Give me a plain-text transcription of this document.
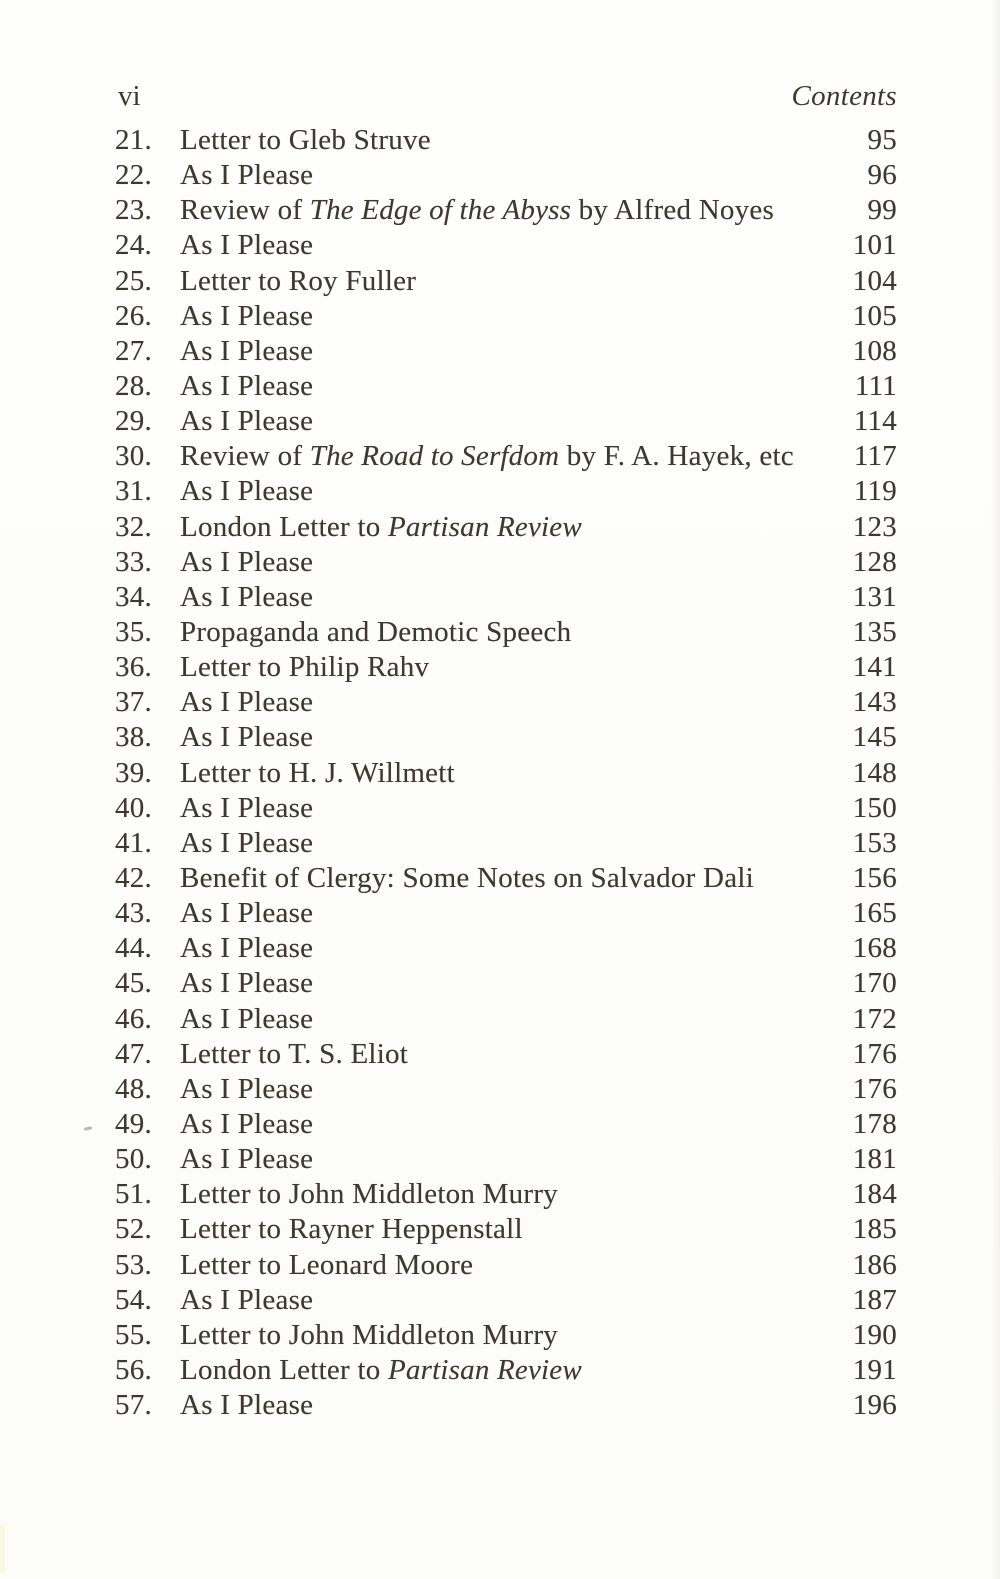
vi	Contents
21. Letter to Gleb Struve	95
22. As I Please	96
23. Review of The Edge of the Abyss by Alfred Noyes	99
24. As I Please	101
25. Letter to Roy Fuller	104
26. As I Please	105
27. As I Please	108
28. As I Please	111
29. As I Please	114
30. Review of The Road to Serfdom by F. A. Hayek, etc	117
31. As I Please	119
32. London Letter to Partisan Review	123
33. As I Please	128
34. As I Please	131
35. Propaganda and Demotic Speech	135
36. Letter to Philip Rahv	141
37. As I Please	143
38. As I Please	145
39. Letter to H. J. Willmett	148
40. As I Please	150
41. As I Please	153
42. Benefit of Clergy: Some Notes on Salvador Dali	156
43. As I Please	165
44. As I Please	168
45. As I Please	170
46. As I Please	172
47. Letter to T. S. Eliot	176
48. As I Please	176
49. As I Please	178
50. As I Please	181
51. Letter to John Middleton Murry	184
52. Letter to Rayner Heppenstall	185
53. Letter to Leonard Moore	186
54. As I Please	187
55. Letter to John Middleton Murry	190
56. London Letter to Partisan Review	191
57. As I Please	196
